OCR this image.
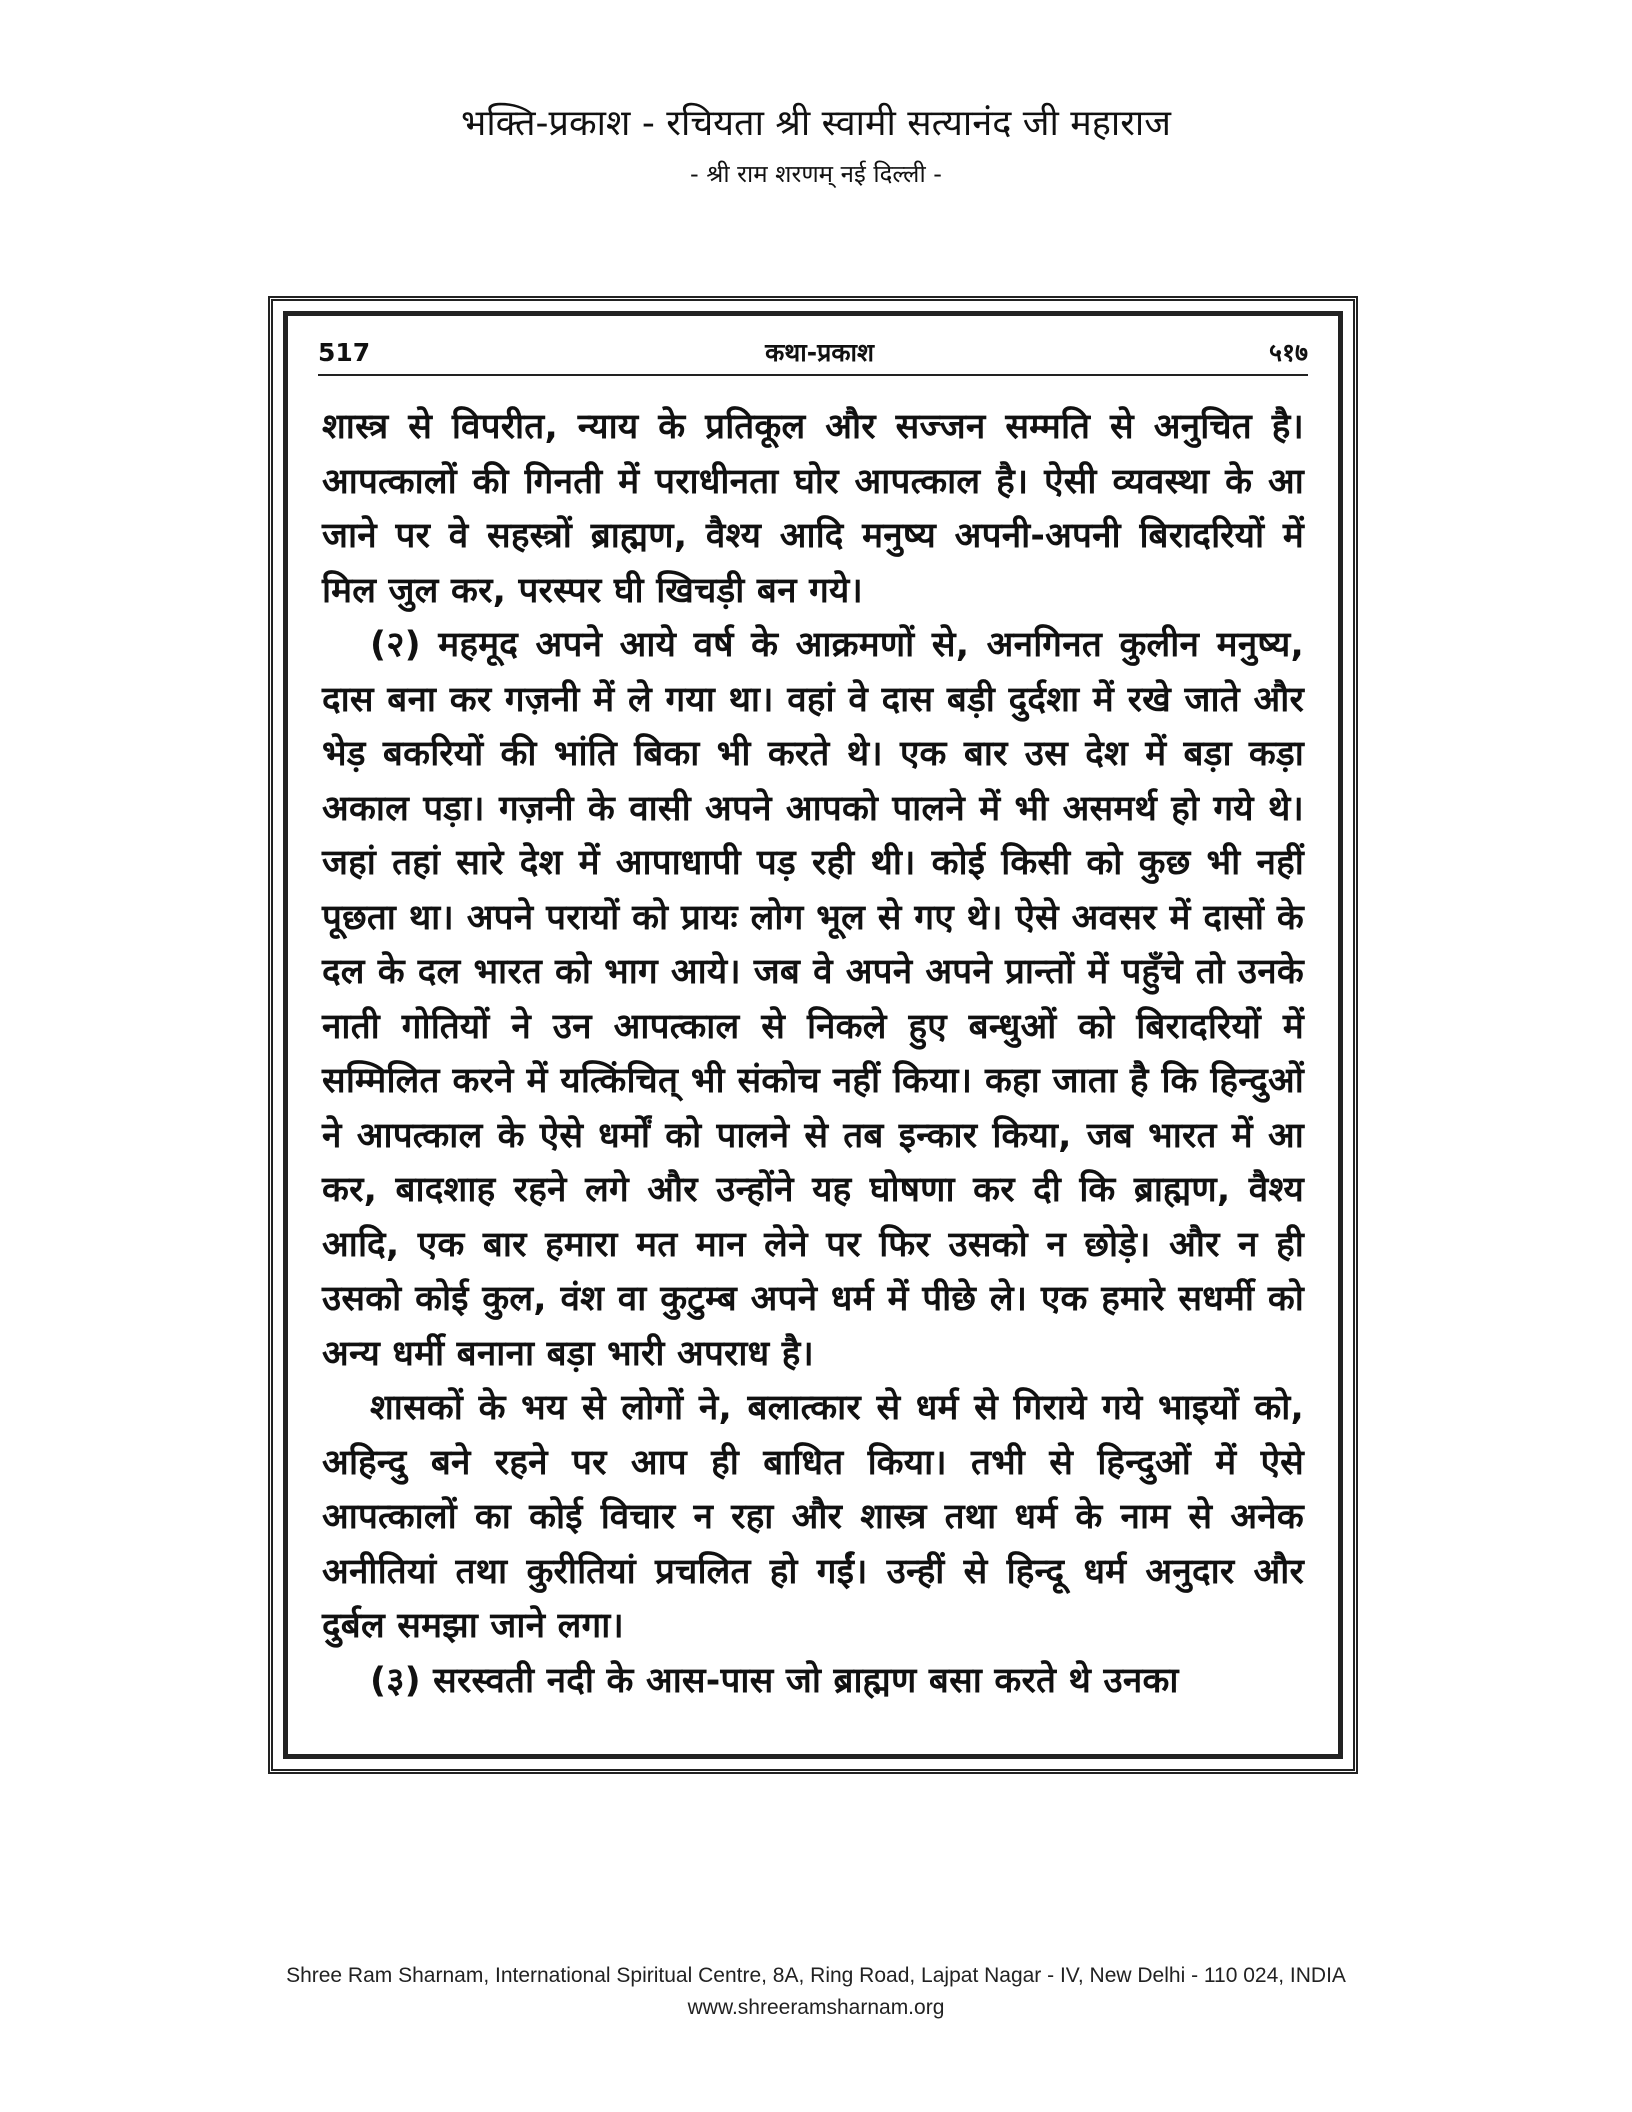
भक्ति-प्रकाश - रचियता श्री स्वामी सत्यानंद जी महाराज
- श्री राम शरणम् नई दिल्ली -
517	कथा-प्रकाश	५१७

शास्त्र से विपरीत, न्याय के प्रतिकूल और सज्जन सम्मति से अनुचित है। आपत्कालों की गिनती में पराधीनता घोर आपत्काल है। ऐसी व्यवस्था के आ जाने पर वे सहस्त्रों ब्राह्मण, वैश्य आदि मनुष्य अपनी-अपनी बिरादरियों में मिल जुल कर, परस्पर घी खिचड़ी बन गये।

(२) महमूद अपने आये वर्ष के आक्रमणों से, अनगिनत कुलीन मनुष्य, दास बना कर गज़नी में ले गया था। वहां वे दास बड़ी दुर्दशा में रखे जाते और भेड़ बकरियों की भांति बिका भी करते थे। एक बार उस देश में बड़ा कड़ा अकाल पड़ा। गज़नी के वासी अपने आपको पालने में भी असमर्थ हो गये थे। जहां तहां सारे देश में आपाधापी पड़ रही थी। कोई किसी को कुछ भी नहीं पूछता था। अपने परायों को प्रायः लोग भूल से गए थे। ऐसे अवसर में दासों के दल के दल भारत को भाग आये। जब वे अपने अपने प्रान्तों में पहुँचे तो उनके नाती गोतियों ने उन आपत्काल से निकले हुए बन्धुओं को बिरादरियों में सम्मिलित करने में यत्किंचित् भी संकोच नहीं किया। कहा जाता है कि हिन्दुओं ने आपत्काल के ऐसे धर्मों को पालने से तब इन्कार किया, जब भारत में आ कर, बादशाह रहने लगे और उन्होंने यह घोषणा कर दी कि ब्राह्मण, वैश्य आदि, एक बार हमारा मत मान लेने पर फिर उसको न छोड़े। और न ही उसको कोई कुल, वंश वा कुटुम्ब अपने धर्म में पीछे ले। एक हमारे सधर्मी को अन्य धर्मी बनाना बड़ा भारी अपराध है।

शासकों के भय से लोगों ने, बलात्कार से धर्म से गिराये गये भाइयों को, अहिन्दु बने रहने पर आप ही बाधित किया। तभी से हिन्दुओं में ऐसे आपत्कालों का कोई विचार न रहा और शास्त्र तथा धर्म के नाम से अनेक अनीतियां तथा कुरीतियां प्रचलित हो गईं। उन्हीं से हिन्दू धर्म अनुदार और दुर्बल समझा जाने लगा।

(३) सरस्वती नदी के आस-पास जो ब्राह्मण बसा करते थे उनका

Shree Ram Sharnam, International Spiritual Centre, 8A, Ring Road, Lajpat Nagar - IV, New Delhi - 110 024, INDIA
www.shreeramsharnam.org
